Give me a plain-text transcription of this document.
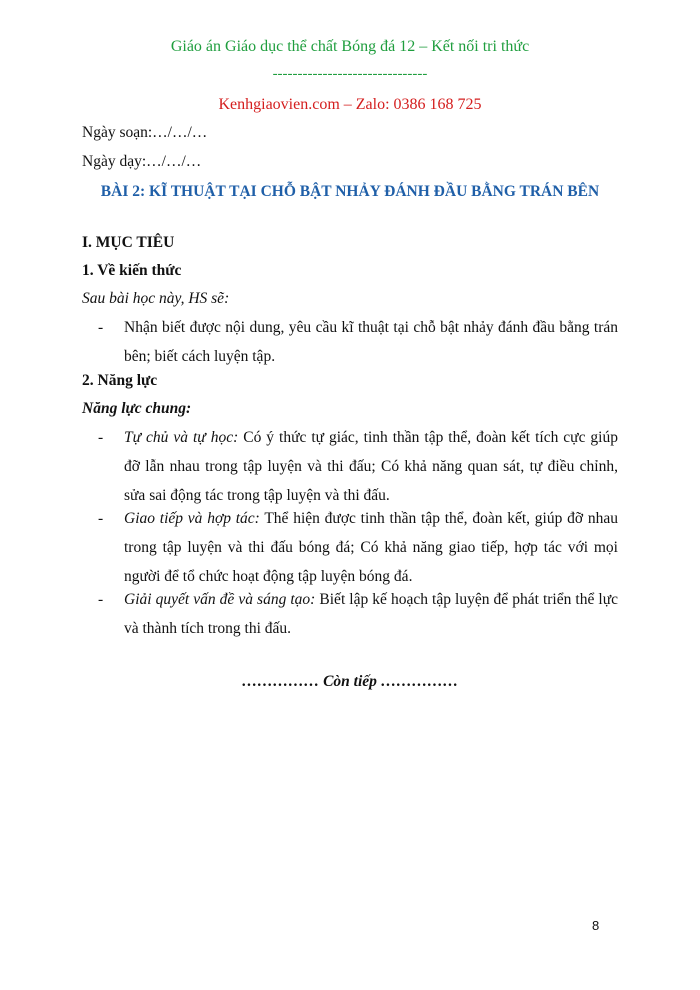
Giáo án Giáo dục thể chất Bóng đá 12 – Kết nối tri thức
-------------------------------
Kenhgiaovien.com – Zalo: 0386 168 725
Ngày soạn:…/…/…
Ngày dạy:…/…/…
BÀI 2: KĨ THUẬT TẠI CHỖ BẬT NHẢY ĐÁNH ĐẦU BẰNG TRÁN BÊN
I. MỤC TIÊU
1. Về kiến thức
Sau bài học này, HS sẽ:
- Nhận biết được nội dung, yêu cầu kĩ thuật tại chỗ bật nhảy đánh đầu bằng trán bên; biết cách luyện tập.
2. Năng lực
Năng lực chung:
- Tự chủ và tự học: Có ý thức tự giác, tinh thần tập thể, đoàn kết tích cực giúp đỡ lẫn nhau trong tập luyện và thi đấu; Có khả năng quan sát, tự điều chỉnh, sửa sai động tác trong tập luyện và thi đấu.
- Giao tiếp và hợp tác: Thể hiện được tinh thần tập thể, đoàn kết, giúp đỡ nhau trong tập luyện và thi đấu bóng đá; Có khả năng giao tiếp, hợp tác với mọi người để tổ chức hoạt động tập luyện bóng đá.
- Giải quyết vấn đề và sáng tạo: Biết lập kế hoạch tập luyện để phát triển thể lực và thành tích trong thi đấu.
…………… Còn tiếp ……………
8
